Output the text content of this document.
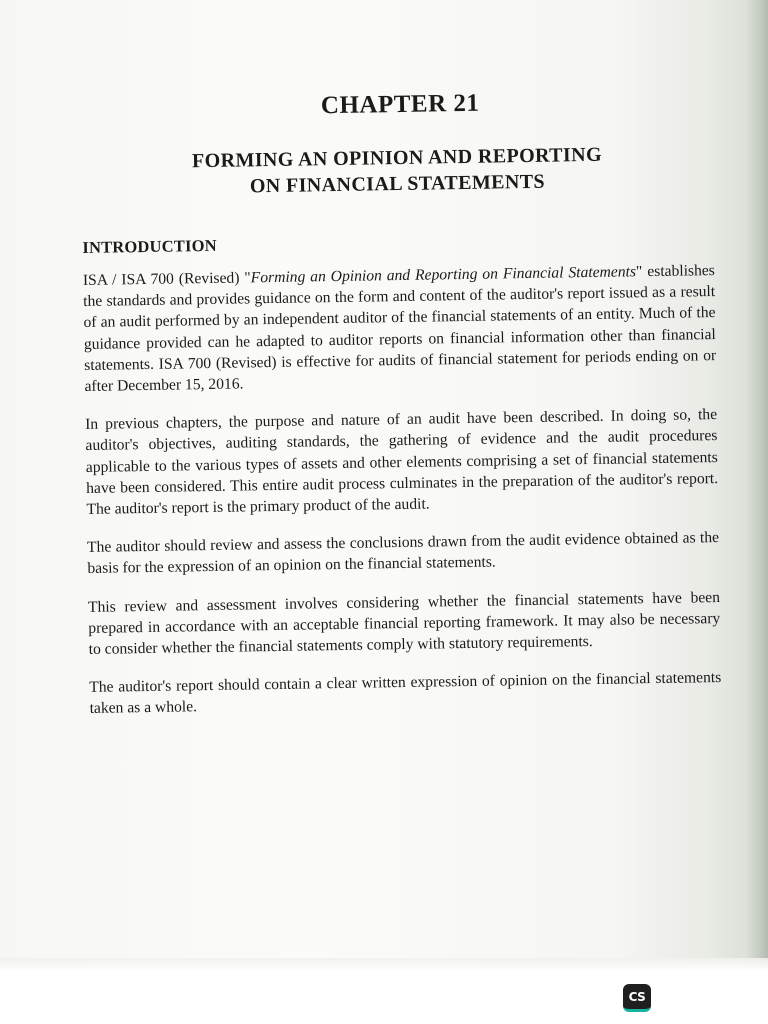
CHAPTER 21
FORMING AN OPINION AND REPORTING
ON FINANCIAL STATEMENTS
INTRODUCTION

ISA / ISA 700 (Revised) "Forming an Opinion and Reporting on Financial Statements" establishes the standards and provides guidance on the form and content of the auditor's report issued as a result of an audit performed by an independent auditor of the financial statements of an entity. Much of the guidance provided can he adapted to auditor reports on financial information other than financial statements. ISA 700 (Revised) is effective for audits of financial statement for periods ending on or after December 15, 2016.

In previous chapters, the purpose and nature of an audit have been described. In doing so, the auditor's objectives, auditing standards, the gathering of evidence and the audit procedures applicable to the various types of assets and other elements comprising a set of financial statements have been considered. This entire audit process culminates in the preparation of the auditor's report. The auditor's report is the primary product of the audit.

The auditor should review and assess the conclusions drawn from the audit evidence obtained as the basis for the expression of an opinion on the financial statements.

This review and assessment involves considering whether the financial statements have been prepared in accordance with an acceptable financial reporting framework. It may also be necessary to consider whether the financial statements comply with statutory requirements.

The auditor's report should contain a clear written expression of opinion on the financial statements taken as a whole.

CS
